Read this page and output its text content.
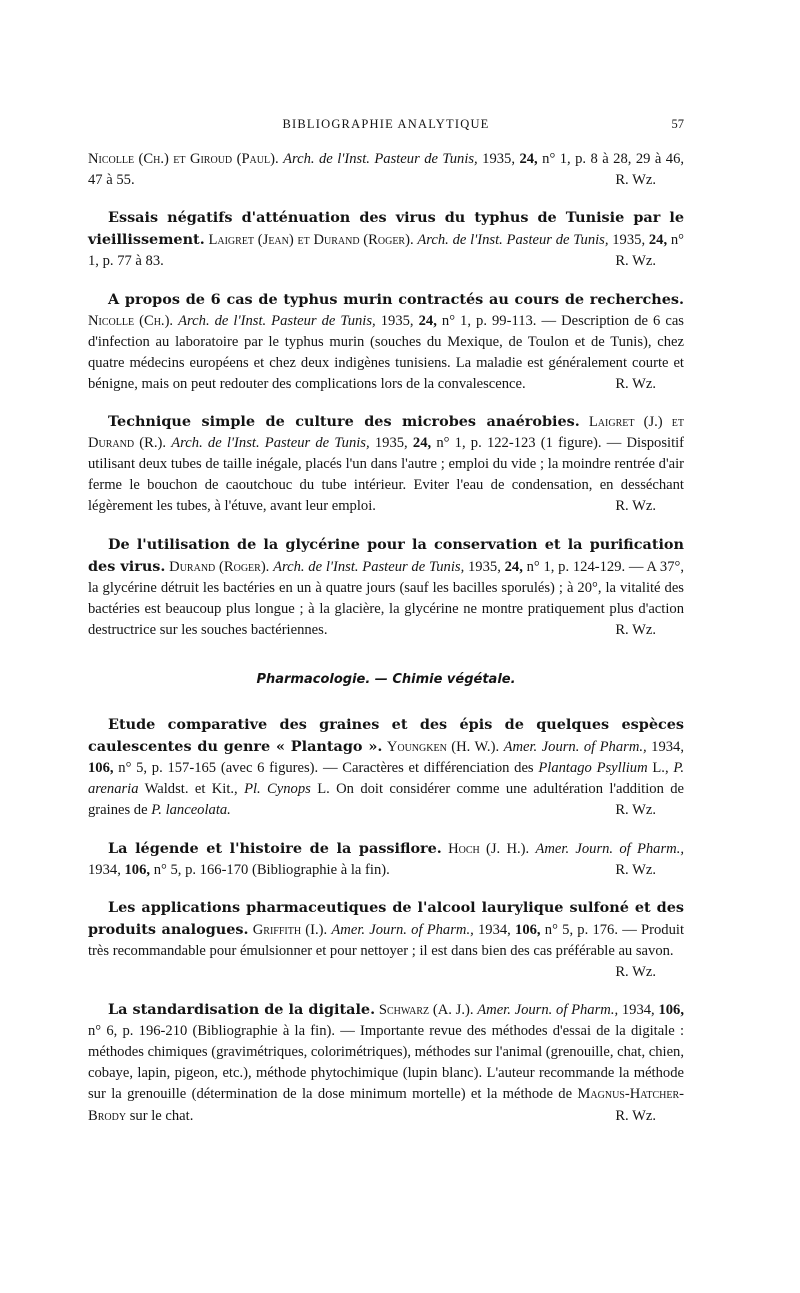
BIBLIOGRAPHIE ANALYTIQUE	57

Nicolle (Ch.) et Giroud (Paul). Arch. de l'Inst. Pasteur de Tunis, 1935, 24, n° 1, p. 8 à 28, 29 à 46, 47 à 55.	R. Wz.

Essais négatifs d'atténuation des virus du typhus de Tunisie par le vieillissement. Laigret (Jean) et Durand (Roger). Arch. de l'Inst. Pasteur de Tunis, 1935, 24, n° 1, p. 77 à 83.	R. Wz.

A propos de 6 cas de typhus murin contractés au cours de recherches. Nicolle (Ch.). Arch. de l'Inst. Pasteur de Tunis, 1935, 24, n° 1, p. 99-113. — Description de 6 cas d'infection au laboratoire par le typhus murin (souches du Mexique, de Toulon et de Tunis), chez quatre médecins européens et chez deux indigènes tunisiens. La maladie est généralement courte et bénigne, mais on peut redouter des complications lors de la convalescence.	R. Wz.

Technique simple de culture des microbes anaérobies. Laigret (J.) et Durand (R.). Arch. de l'Inst. Pasteur de Tunis, 1935, 24, n° 1, p. 122-123 (1 figure). — Dispositif utilisant deux tubes de taille inégale, placés l'un dans l'autre ; emploi du vide ; la moindre rentrée d'air ferme le bouchon de caoutchouc du tube intérieur. Eviter l'eau de condensation, en desséchant légèrement les tubes, à l'étuve, avant leur emploi.	R. Wz.

De l'utilisation de la glycérine pour la conservation et la purification des virus. Durand (Roger). Arch. de l'Inst. Pasteur de Tunis, 1935, 24, n° 1, p. 124-129. — A 37°, la glycérine détruit les bactéries en un à quatre jours (sauf les bacilles sporulés) ; à 20°, la vitalité des bactéries est beaucoup plus longue ; à la glacière, la glycérine ne montre pratiquement plus d'action destructrice sur les souches bactériennes.	R. Wz.

Pharmacologie. — Chimie végétale.

Etude comparative des graines et des épis de quelques espèces caulescentes du genre « Plantago ». Youngken (H. W.). Amer. Journ. of Pharm., 1934, 106, n° 5, p. 157-165 (avec 6 figures). — Caractères et différenciation des Plantago Psyllium L., P. arenaria Waldst. et Kit., Pl. Cynops L. On doit considérer comme une adultération l'addition de graines de P. lanceolata.	R. Wz.

La légende et l'histoire de la passiflore. Hoch (J. H.). Amer. Journ. of Pharm., 1934, 106, n° 5, p. 166-170 (Bibliographie à la fin).	R. Wz.

Les applications pharmaceutiques de l'alcool laurylique sulfoné et des produits analogues. Griffith (I.). Amer. Journ. of Pharm., 1934, 106, n° 5, p. 176. — Produit très recommandable pour émulsionner et pour nettoyer ; il est dans bien des cas préférable au savon.
R. Wz.

La standardisation de la digitale. Schwarz (A. J.). Amer. Journ. of Pharm., 1934, 106, n° 6, p. 196-210 (Bibliographie à la fin). — Importante revue des méthodes d'essai de la digitale : méthodes chimiques (gravimétriques, colorimétriques), méthodes sur l'animal (grenouille, chat, chien, cobaye, lapin, pigeon, etc.), méthode phytochimique (lupin blanc). L'auteur recommande la méthode sur la grenouille (détermination de la dose minimum mortelle) et la méthode de Magnus-Hatcher-Brody sur le chat.	R. Wz.
